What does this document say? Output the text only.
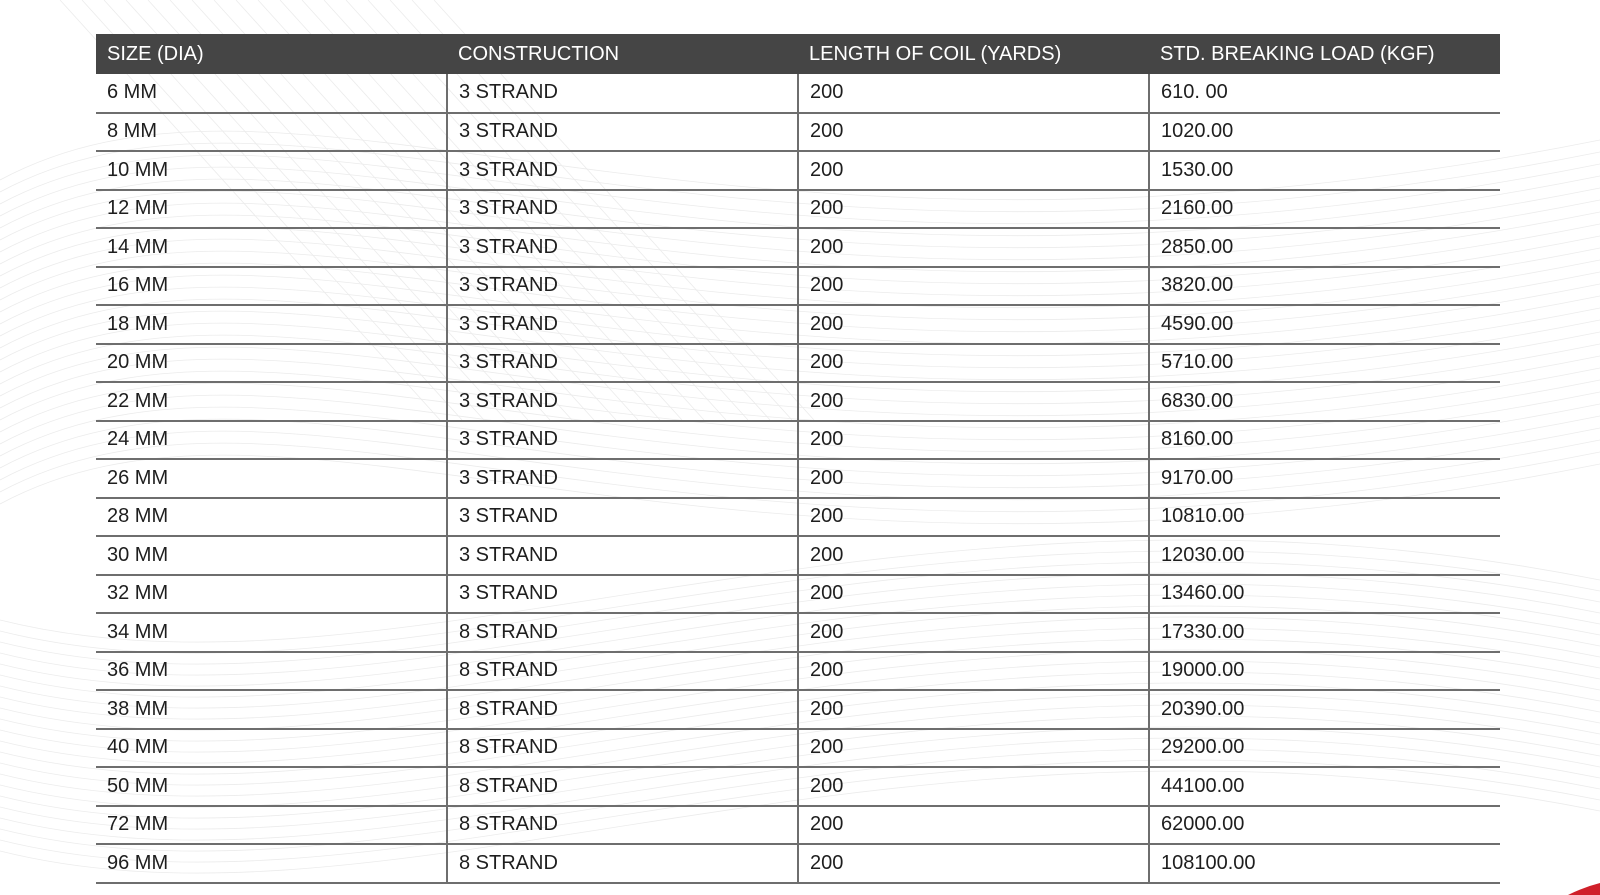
SIZE (DIA)	CONSTRUCTION	LENGTH OF COIL (YARDS)	STD. BREAKING LOAD (KGF)
6 MM	3 STRAND	200	610. 00
8 MM	3 STRAND	200	1020.00
10 MM	3 STRAND	200	1530.00
12 MM	3 STRAND	200	2160.00
14 MM	3 STRAND	200	2850.00
16 MM	3 STRAND	200	3820.00
18 MM	3 STRAND	200	4590.00
20 MM	3 STRAND	200	5710.00
22 MM	3 STRAND	200	6830.00
24 MM	3 STRAND	200	8160.00
26 MM	3 STRAND	200	9170.00
28 MM	3 STRAND	200	10810.00
30 MM	3 STRAND	200	12030.00
32 MM	3 STRAND	200	13460.00
34 MM	8 STRAND	200	17330.00
36 MM	8 STRAND	200	19000.00
38 MM	8 STRAND	200	20390.00
40 MM	8 STRAND	200	29200.00
50 MM	8 STRAND	200	44100.00
72 MM	8 STRAND	200	62000.00
96 MM	8 STRAND	200	108100.00
